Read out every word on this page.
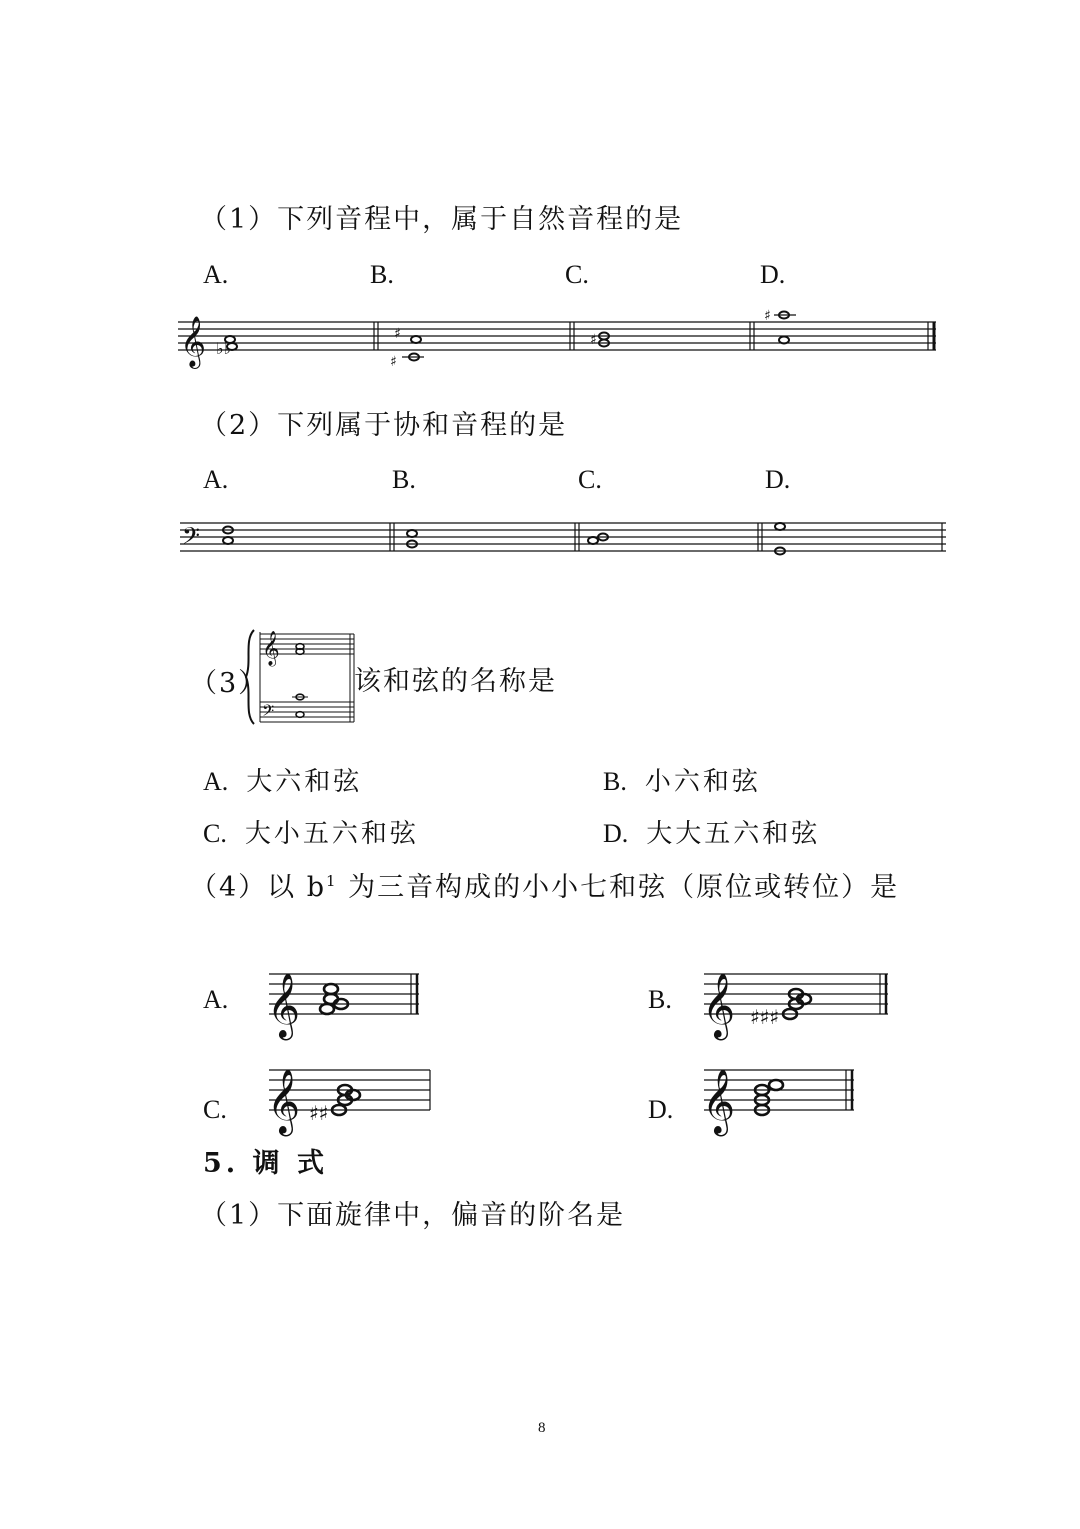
（1）下列音程中，属于自然音程的是
A.	B.	C.	D.
𝄞 ♭♭
♯
♯
♯
♯
（2）下列属于协和音程的是
A.	B.	C.	D.
𝄢
（3）
𝄞
𝄢
该和弦的名称是
A. 大六和弦	B. 小六和弦
C. 大小五六和弦	D. 大大五六和弦
（4）以 $b^1$ 为三音构成的小小七和弦（原位或转位）是
A. 𝄞	B. 𝄞 ♯♯♯
C. 𝄞 ♯♯	D. 𝄞
5. 调 式
（1）下面旋律中，偏音的阶名是
8
